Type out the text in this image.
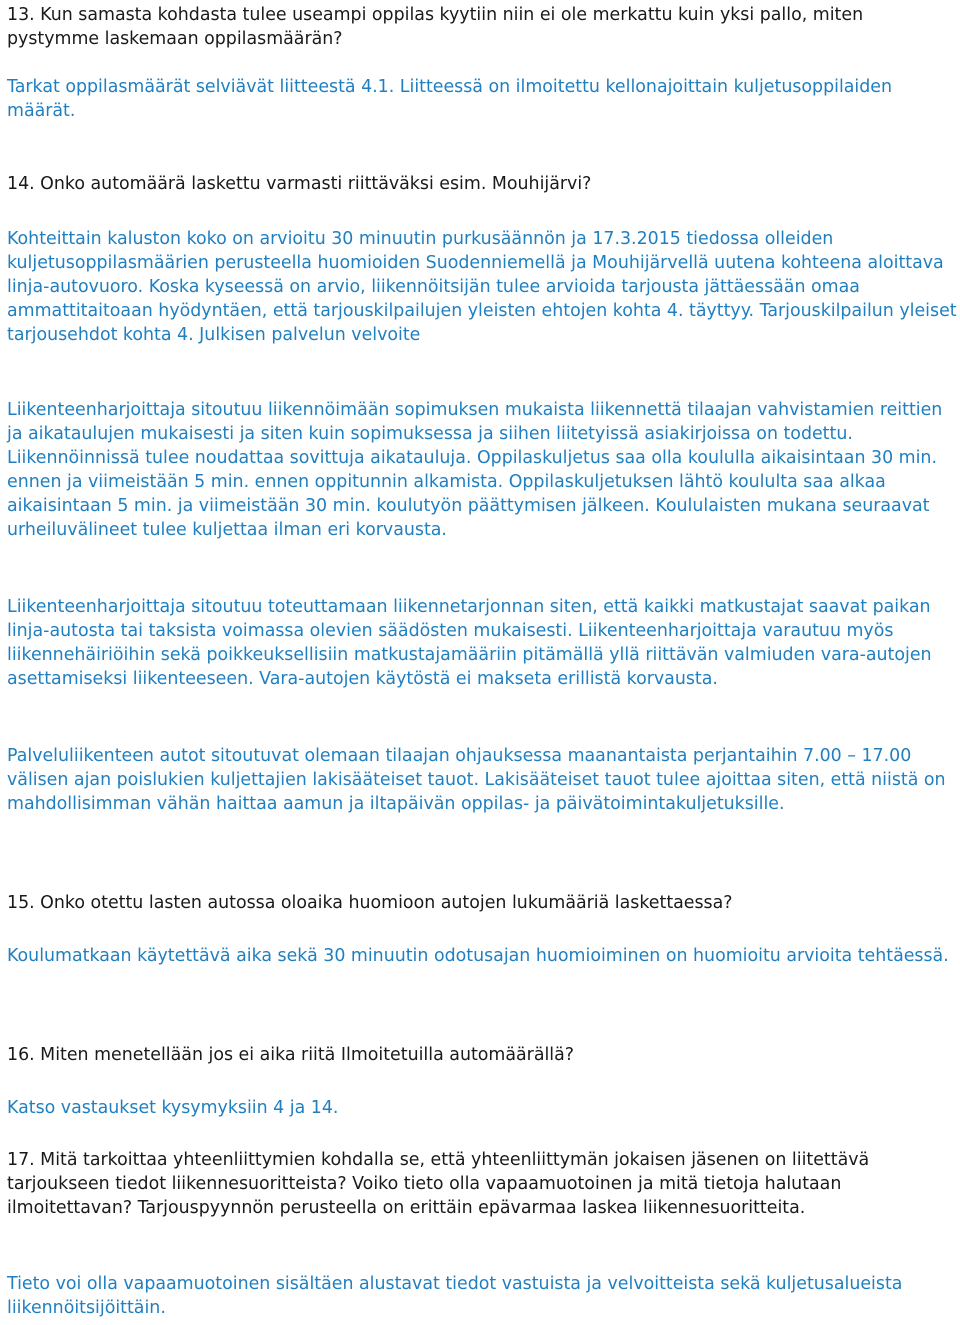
13. Kun samasta kohdasta tulee useampi oppilas kyytiin niin ei ole merkattu kuin yksi pallo, miten pystymme laskemaan oppilasmäärän?

Tarkat oppilasmäärät selviävät liitteestä 4.1. Liitteessä on ilmoitettu kellonajoittain kuljetusoppilaiden määrät.

14. Onko automäärä laskettu varmasti riittäväksi esim. Mouhijärvi?

Kohteittain kaluston koko on arvioitu 30 minuutin purkusäännön ja 17.3.2015 tiedossa olleiden kuljetusoppilasmäärien perusteella huomioiden Suodenniemellä ja Mouhijärvellä uutena kohteena aloittava linja-autovuoro. Koska kyseessä on arvio, liikennöitsijän tulee arvioida tarjousta jättäessään omaa ammattitaitoaan hyödyntäen, että tarjouskilpailujen yleisten ehtojen kohta 4. täyttyy. Tarjouskilpailun yleiset tarjousehdot kohta 4. Julkisen palvelun velvoite

Liikenteenharjoittaja sitoutuu liikennöimään sopimuksen mukaista liikennettä tilaajan vahvistamien reittien ja aikataulujen mukaisesti ja siten kuin sopimuksessa ja siihen liitetyissä asiakirjoissa on todettu. Liikennöinnissä tulee noudattaa sovittuja aikatauluja. Oppilaskuljetus saa olla koululla aikaisintaan 30 min. ennen ja viimeistään 5 min. ennen oppitunnin alkamista. Oppilaskuljetuksen lähtö koululta saa alkaa aikaisintaan 5 min. ja viimeistään 30 min. koulutyön päättymisen jälkeen. Koululaisten mukana seuraavat urheiluvälineet tulee kuljettaa ilman eri korvausta.

Liikenteenharjoittaja sitoutuu toteuttamaan liikennetarjonnan siten, että kaikki matkustajat saavat paikan linja-autosta tai taksista voimassa olevien säädösten mukaisesti. Liikenteenharjoittaja varautuu myös liikennehäiriöihin sekä poikkeuksellisiin matkustajamääriin pitämällä yllä riittävän valmiuden vara-autojen asettamiseksi liikenteeseen. Vara-autojen käytöstä ei makseta erillistä korvausta.

Palveluliikenteen autot sitoutuvat olemaan tilaajan ohjauksessa maanantaista perjantaihin 7.00 – 17.00 välisen ajan poislukien kuljettajien lakisääteiset tauot. Lakisääteiset tauot tulee ajoittaa siten, että niistä on mahdollisimman vähän haittaa aamun ja iltapäivän oppilas- ja päivätoimintakuljetuksille.

15. Onko otettu lasten autossa oloaika huomioon autojen lukumääriä laskettaessa?

Koulumatkaan käytettävä aika sekä 30 minuutin odotusajan huomioiminen on huomioitu arvioita tehtäessä.

16. Miten menetellään jos ei aika riitä Ilmoitetuilla automäärällä?

Katso vastaukset kysymyksiin 4 ja 14.

17. Mitä tarkoittaa yhteenliittymien kohdalla se, että yhteenliittymän jokaisen jäsenen on liitettävä tarjoukseen tiedot liikennesuoritteista? Voiko tieto olla vapaamuotoinen ja mitä tietoja halutaan ilmoitettavan? Tarjouspyynnön perusteella on erittäin epävarmaa laskea liikennesuoritteita.

Tieto voi olla vapaamuotoinen sisältäen alustavat tiedot vastuista ja velvoitteista sekä kuljetusalueista liikennöitsijöittäin.
